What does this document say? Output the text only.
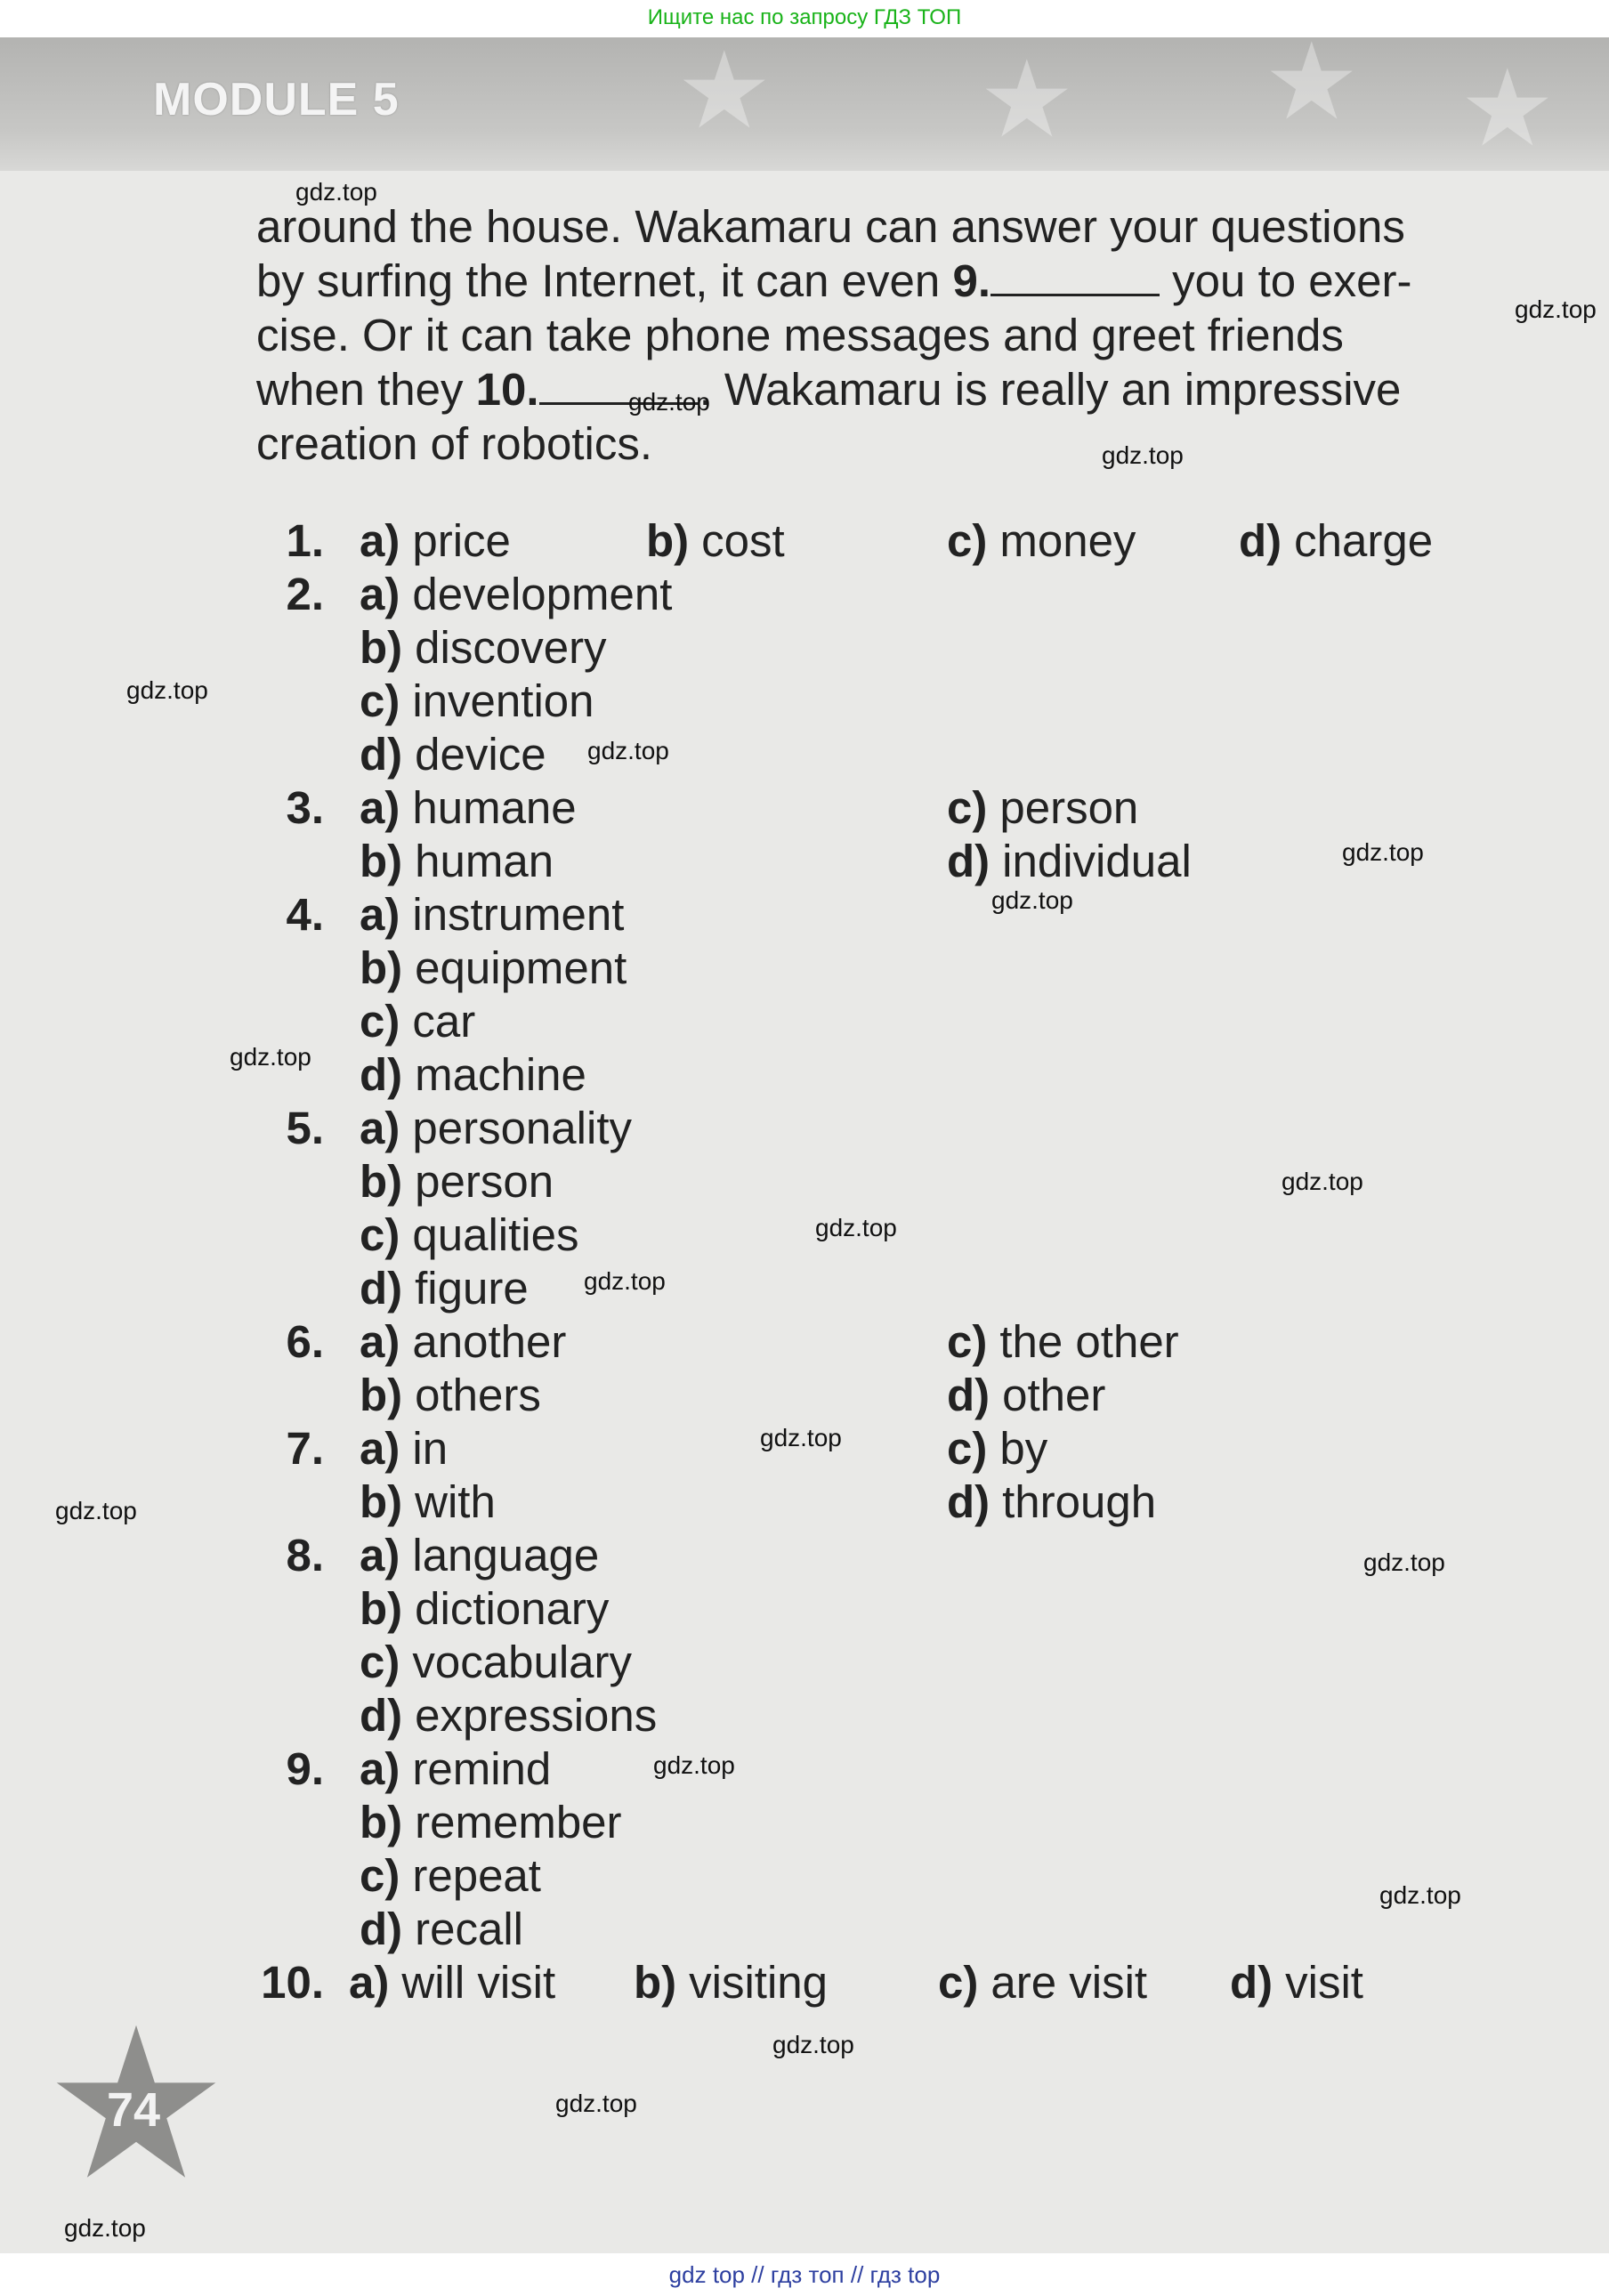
Ищите нас по запросу ГДЗ ТОП
★ ★ ★ ★
MODULE 5

around the house. Wakamaru can answer your questions

by surfing the Internet, it can even 9.	you to exer-

cise. Or it can take phone messages and greet friends

when they 10.	. Wakamaru is really an impressive

creation of robotics.

1. a) price	b) cost	c) money d) charge
2. a) development
b) discovery
c) invention
d) device
3. a) humane	c) person
b) human	d) individual
4. a) instrument
b) equipment
c) car
d) machine
5. a) personality
b) person
c) qualities
d) figure
6. a) another	c) the other
b) others	d) other
7. a) in	c) by
b) with	d) through
8. a) language
b) dictionary
c) vocabulary
d) expressions
9. a) remind
b) remember
c) repeat
d) recall
10. a) will visit b) visiting c) are visit d) visit
gdz.top
gdz.top
gdz.top
gdz.top
gdz.top
gdz.top
gdz.top
gdz.top
gdz.top
gdz.top
gdz.top
gdz.top
gdz.top
gdz.top
gdz.top
gdz.top
gdz.top
gdz.top
gdz.top
gdz.top
74
gdz top // гдз топ // гдз top
